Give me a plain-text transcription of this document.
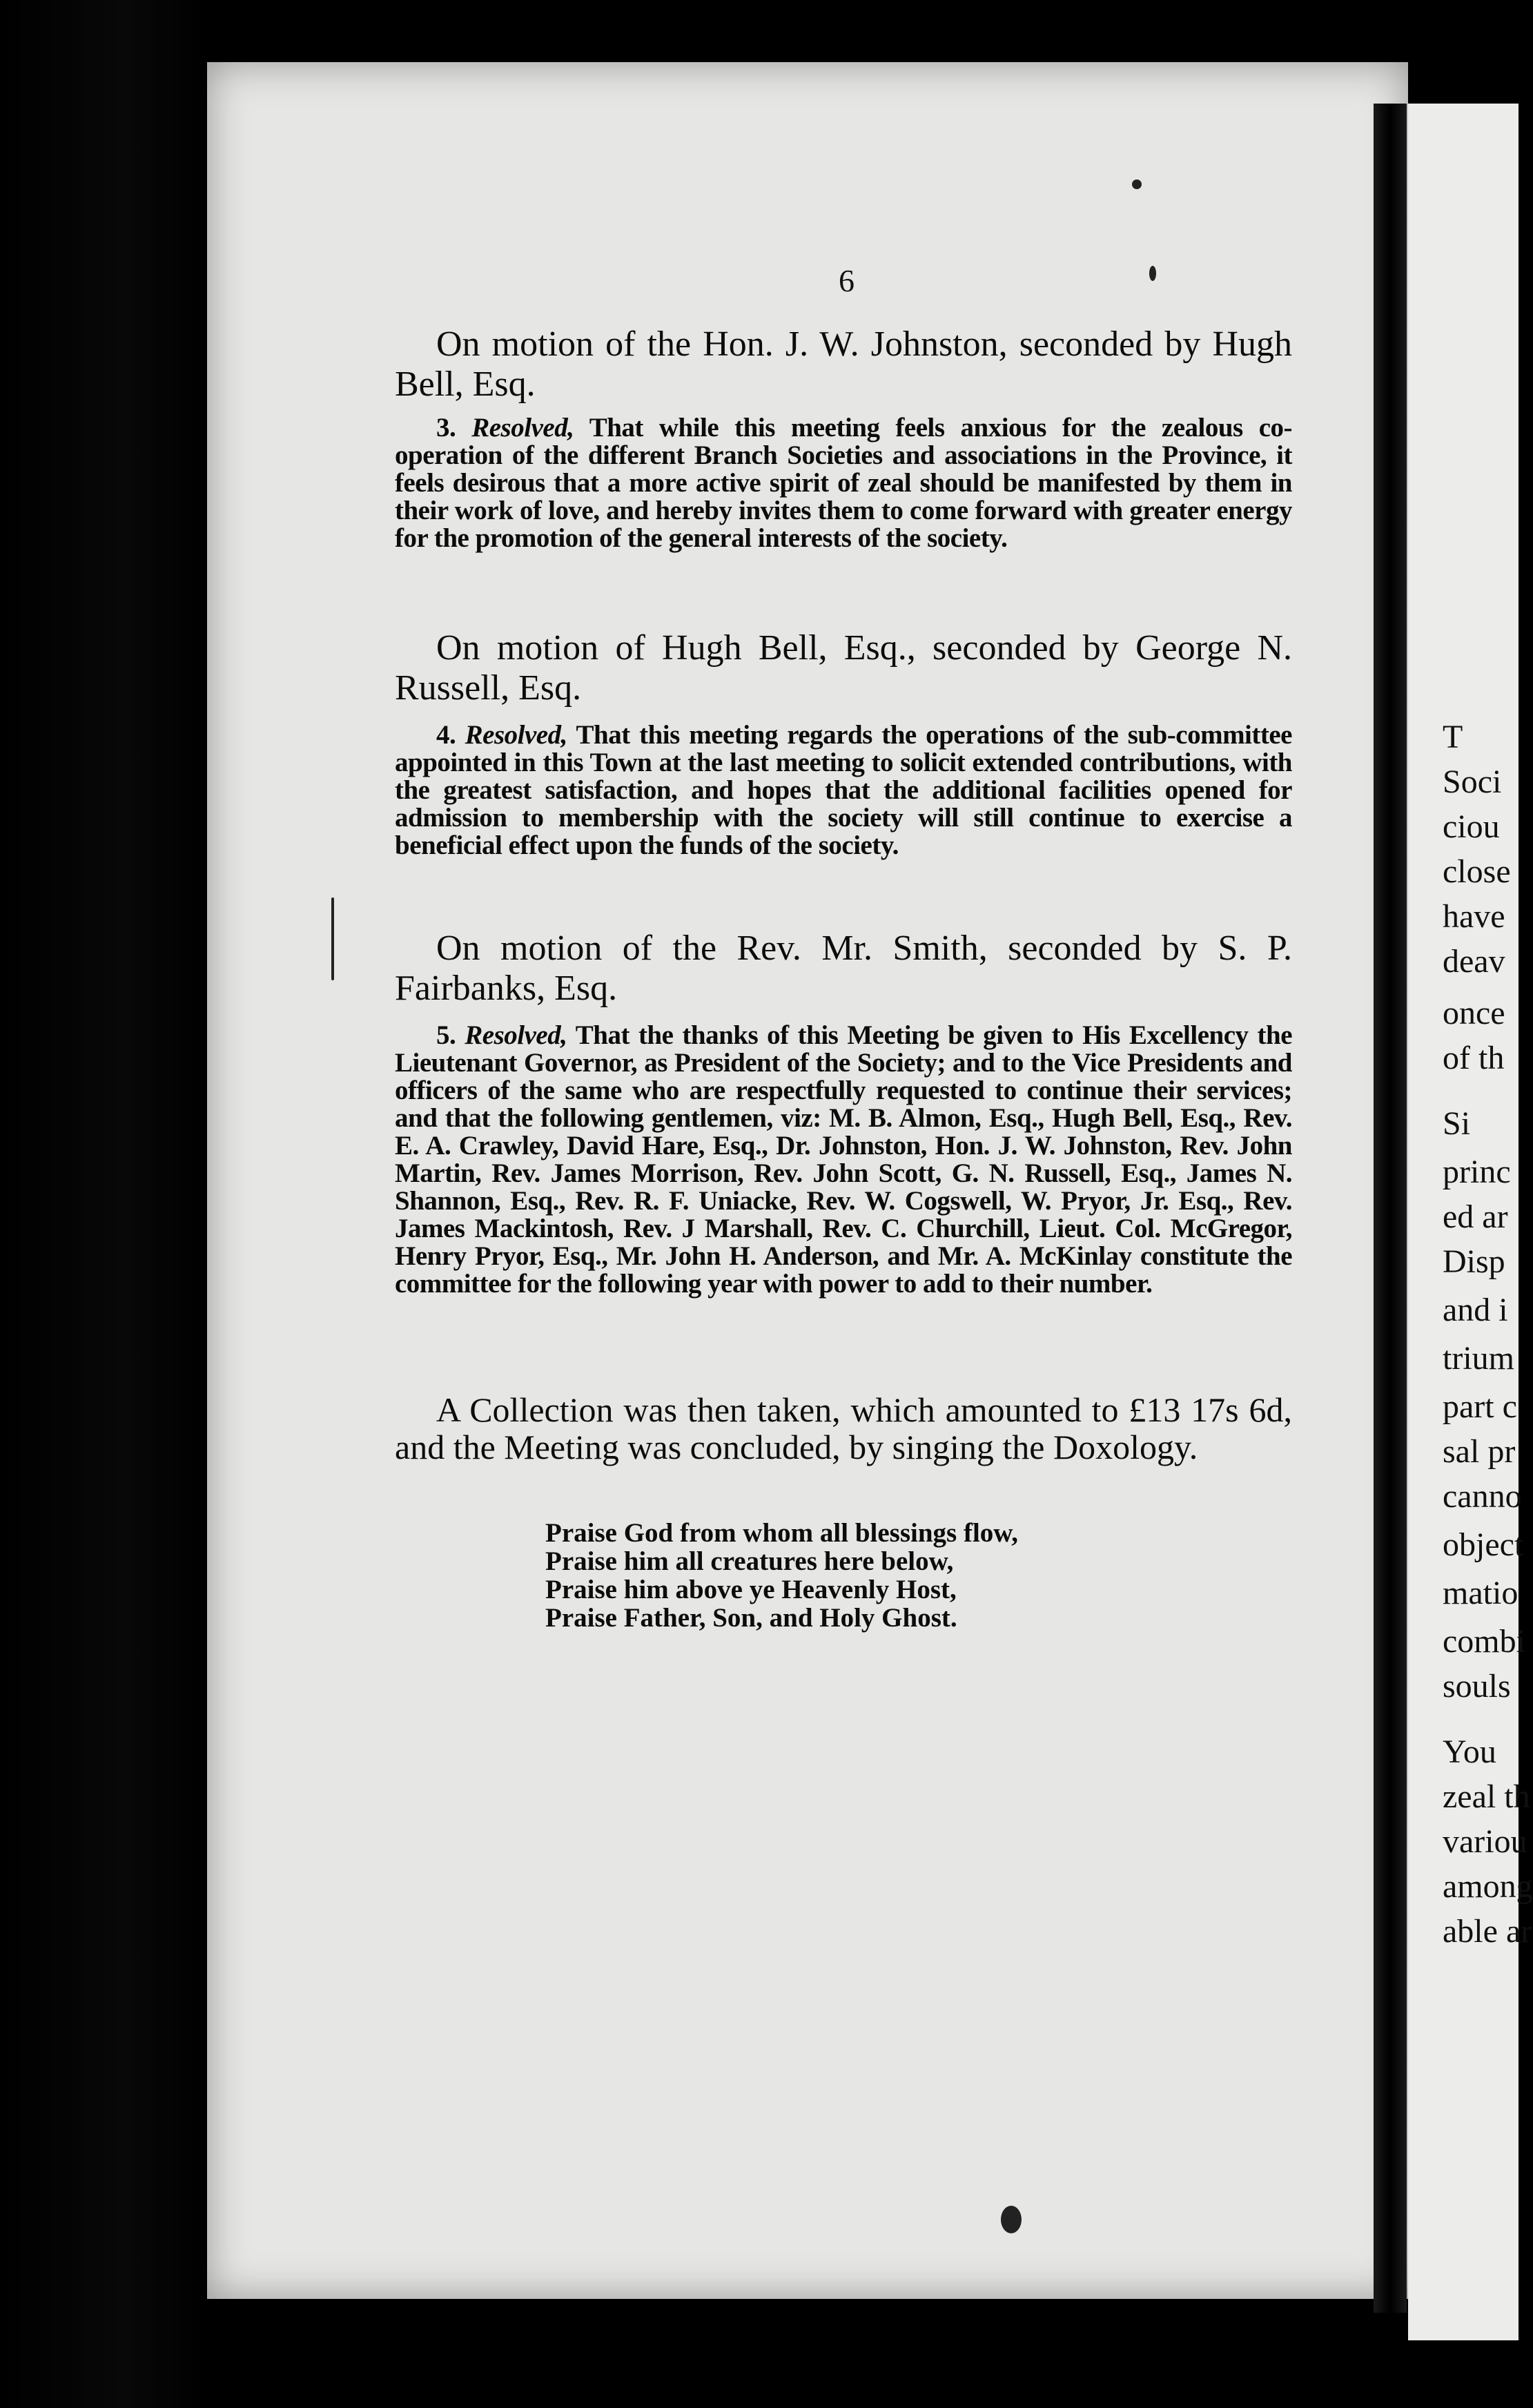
6
On motion of the Hon. J. W. Johnston, seconded by Hugh Bell, Esq.
3. Resolved, That while this meeting feels anxious for the zealous co-operation of the different Branch Societies and associations in the Province, it feels desirous that a more active spirit of zeal should be manifested by them in their work of love, and hereby invites them to come forward with greater energy for the promotion of the general interests of the society.
On motion of Hugh Bell, Esq., seconded by George N. Russell, Esq.
4. Resolved, That this meeting regards the operations of the sub-committee appointed in this Town at the last meeting to solicit extended contributions, with the greatest satisfaction, and hopes that the additional facilities opened for admission to membership with the society will still continue to exercise a beneficial effect upon the funds of the society.
On motion of the Rev. Mr. Smith, seconded by S. P. Fairbanks, Esq.
5. Resolved, That the thanks of this Meeting be given to His Excellency the Lieutenant Governor, as President of the Society; and to the Vice Presidents and officers of the same who are respectfully requested to continue their services; and that the following gentlemen, viz: M. B. Almon, Esq., Hugh Bell, Esq., Rev. E. A. Crawley, David Hare, Esq., Dr. Johnston, Hon. J. W. Johnston, Rev. John Martin, Rev. James Morrison, Rev. John Scott, G. N. Russell, Esq., James N. Shannon, Esq., Rev. R. F. Uniacke, Rev. W. Cogswell, W. Pryor, Jr. Esq., Rev. James Mackintosh, Rev. J Marshall, Rev. C. Churchill, Lieut. Col. McGregor, Henry Pryor, Esq., Mr. John H. Anderson, and Mr. A. McKinlay constitute the committee for the following year with power to add to their number.
A Collection was then taken, which amounted to £13 17s 6d, and the Meeting was concluded, by singing the Doxology.
Praise God from whom all blessings flow,
Praise him all creatures here below,
Praise him above ye Heavenly Host,
Praise Father, Son, and Holy Ghost.
T
Soci
ciou
close
have
deav
once
of th
Si
princ
ed ar
Disp
and i
trium
part c
sal pr
canno
object
matio
combi
souls
You
zeal th
variou
among
able ar
